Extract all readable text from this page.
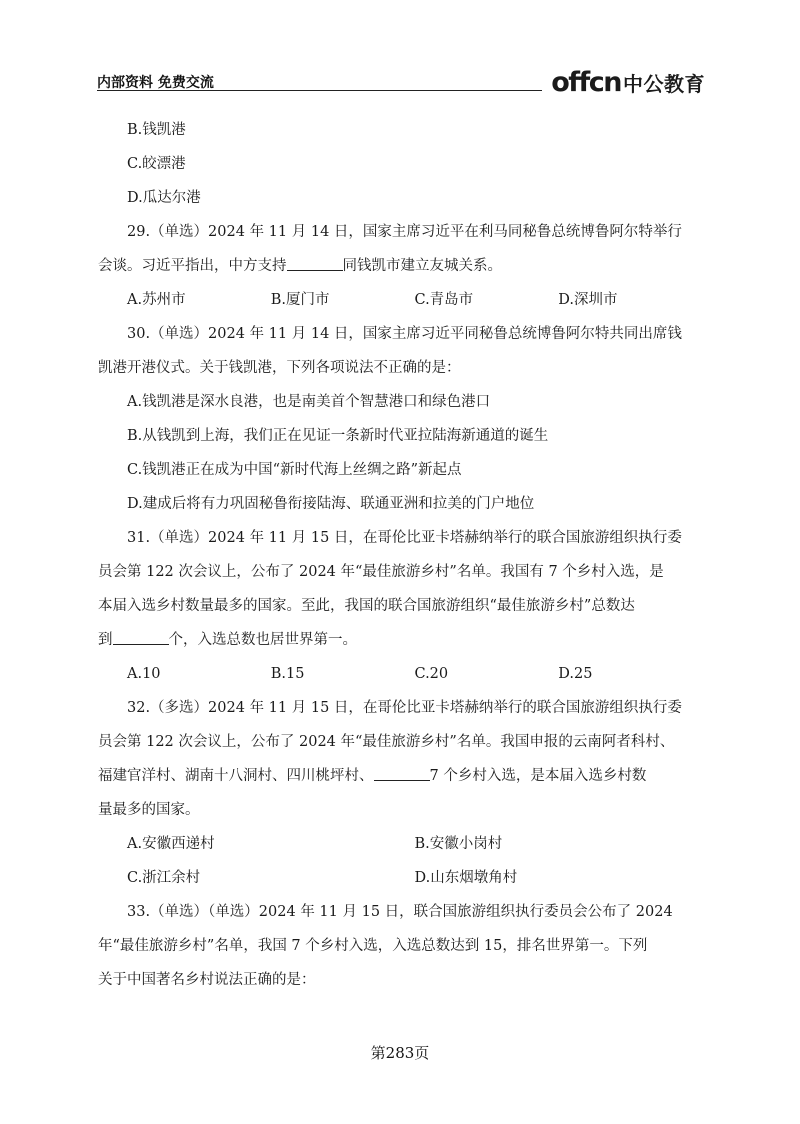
内部资料 免费交流	offcn 中公教育
B.钱凯港
C.皎漂港
D.瓜达尔港
29.（单选）2024 年 11 月 14 日，国家主席习近平在利马同秘鲁总统博鲁阿尔特举行
会谈。习近平指出，中方支持	同钱凯市建立友城关系。
A.苏州市	B.厦门市	C.青岛市	D.深圳市
30.（单选）2024 年 11 月 14 日，国家主席习近平同秘鲁总统博鲁阿尔特共同出席钱
凯港开港仪式。关于钱凯港，下列各项说法不正确的是：
A.钱凯港是深水良港，也是南美首个智慧港口和绿色港口
B.从钱凯到上海，我们正在见证一条新时代亚拉陆海新通道的诞生
C.钱凯港正在成为中国“新时代海上丝绸之路”新起点
D.建成后将有力巩固秘鲁衔接陆海、联通亚洲和拉美的门户地位
31.（单选）2024 年 11 月 15 日，在哥伦比亚卡塔赫纳举行的联合国旅游组织执行委
员会第 122 次会议上，公布了 2024 年“最佳旅游乡村”名单。我国有 7 个乡村入选，是
本届入选乡村数量最多的国家。至此，我国的联合国旅游组织“最佳旅游乡村”总数达
到	个，入选总数也居世界第一。
A.10	B.15	C.20	D.25
32.（多选）2024 年 11 月 15 日，在哥伦比亚卡塔赫纳举行的联合国旅游组织执行委
员会第 122 次会议上，公布了 2024 年“最佳旅游乡村”名单。我国申报的云南阿者科村、
福建官洋村、湖南十八洞村、四川桃坪村、	7 个乡村入选，是本届入选乡村数
量最多的国家。
A.安徽西递村	B.安徽小岗村
C.浙江余村	D.山东烟墩角村
33.（单选）（单选）2024 年 11 月 15 日，联合国旅游组织执行委员会公布了 2024
年“最佳旅游乡村”名单，我国 7 个乡村入选，入选总数达到 15，排名世界第一。下列
关于中国著名乡村说法正确的是：
第283页
